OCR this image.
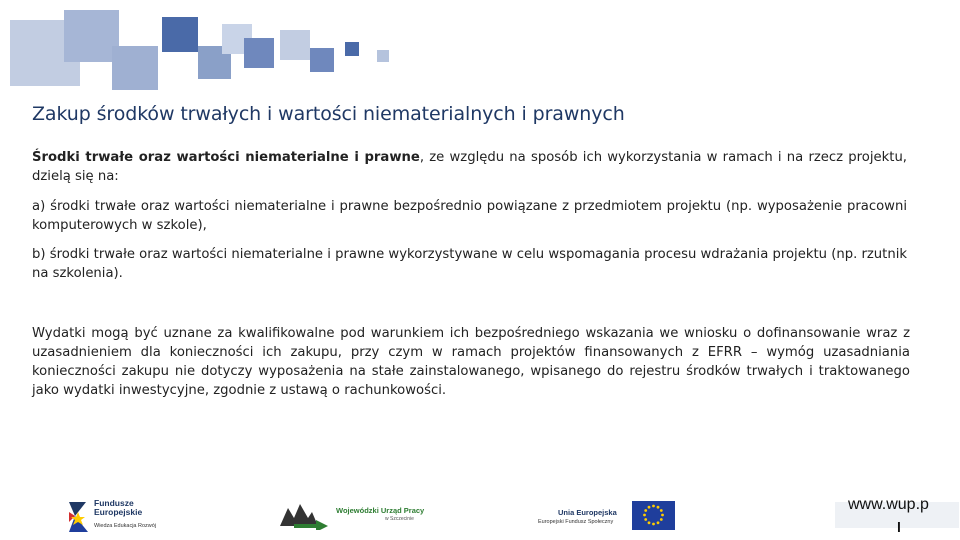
Zakup środków trwałych i wartości niematerialnych i prawnych

Środki trwałe oraz wartości niematerialne i prawne, ze względu na sposób ich wykorzystania w ramach i na rzecz projektu, dzielą się na:

a) środki trwałe oraz wartości niematerialne i prawne bezpośrednio powiązane z przedmiotem projektu (np. wyposażenie pracowni komputerowych w szkole),

b) środki trwałe oraz wartości niematerialne i prawne wykorzystywane w celu wspomagania procesu wdrażania projektu (np. rzutnik na szkolenia).

Wydatki mogą być uznane za kwalifikowalne pod warunkiem ich bezpośredniego wskazania we wniosku o dofinansowanie wraz z uzasadnieniem dla konieczności ich zakupu, przy czym w ramach projektów finansowanych z EFRR – wymóg uzasadniania konieczności zakupu nie dotyczy wyposażenia na stałe zainstalowanego, wpisanego do rejestru środków trwałych i traktowanego jako wydatki inwestycyjne, zgodnie z ustawą o rachunkowości.

Fundusze
Europejskie
Wiedza Edukacja Rozwój
Wojewódzki Urząd Pracy
w Szczecinie
Unia Europejska
Europejski Fundusz Społeczny
www.wup.p
l
